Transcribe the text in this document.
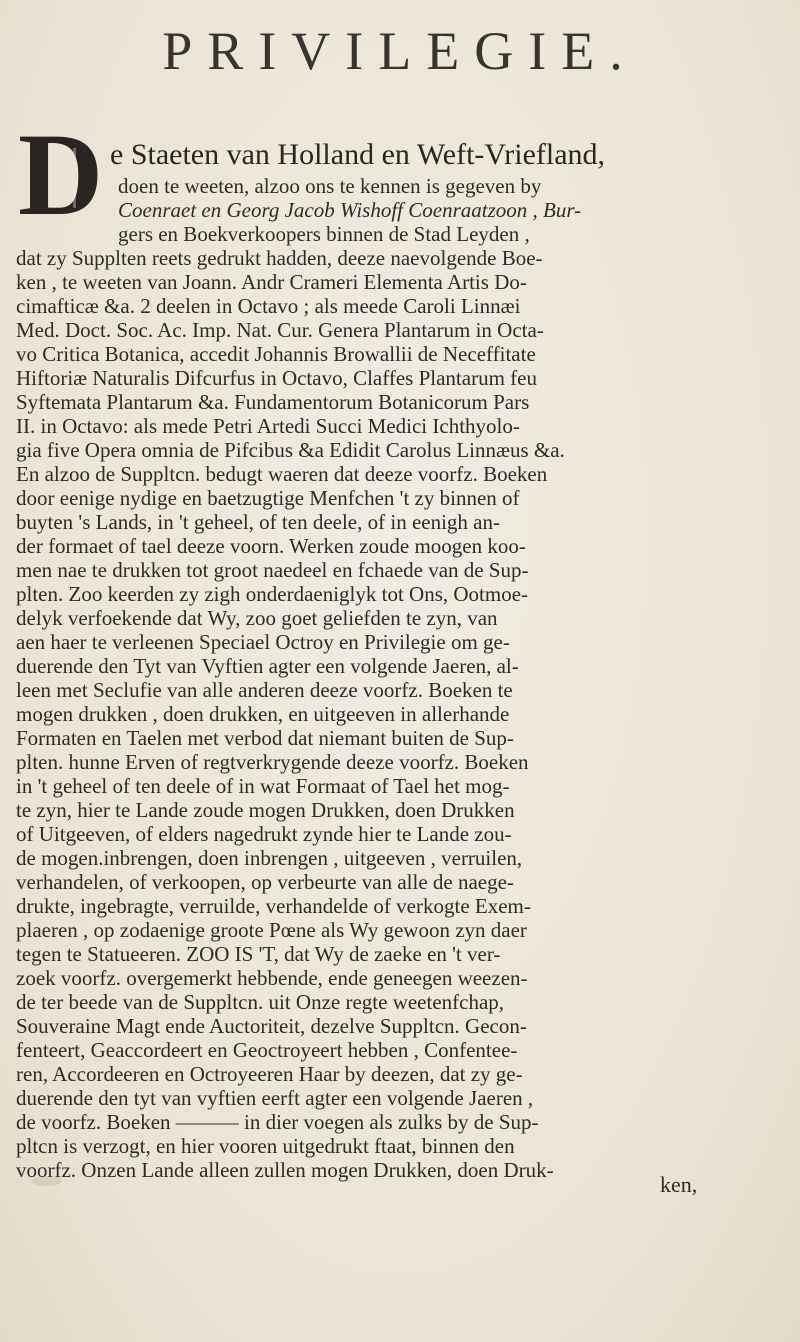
PRIVILEGIE.
D e Staeten van Holland en Weft-Vriefland,
doen te weeten, alzoo ons te kennen is gegeven by
Coenraet en Georg Jacob Wishoff Coenraatzoon , Bur-
gers en Boekverkoopers binnen de Stad Leyden ,
dat zy Supplten reets gedrukt hadden, deeze naevolgende Boe-
ken , te weeten van Joann. Andr Crameri Elementa Artis Do-
cimafticæ &a. 2 deelen in Octavo ; als meede Caroli Linnæi
Med. Doct. Soc. Ac. Imp. Nat. Cur. Genera Plantarum in Octa-
vo Critica Botanica, accedit Johannis Browallii de Neceffitate
Hiftoriæ Naturalis Difcurfus in Octavo, Claffes Plantarum feu
Syftemata Plantarum &a. Fundamentorum Botanicorum Pars
II. in Octavo: als mede Petri Artedi Succi Medici Ichthyolo-
gia five Opera omnia de Pifcibus &a Edidit Carolus Linnæus &a.
En alzoo de Suppltcn. bedugt waeren dat deeze voorfz. Boeken
door eenige nydige en baetzugtige Menfchen 't zy binnen of
buyten 's Lands, in 't geheel, of ten deele, of in eenigh an-
der formaet of tael deeze voorn. Werken zoude moogen koo-
men nae te drukken tot groot naedeel en fchaede van de Sup-
plten. Zoo keerden zy zigh onderdaeniglyk tot Ons, Ootmoe-
delyk verfoekende dat Wy, zoo goet geliefden te zyn, van
aen haer te verleenen Speciael Octroy en Privilegie om ge-
duerende den Tyt van Vyftien agter een volgende Jaeren, al-
leen met Seclufie van alle anderen deeze voorfz. Boeken te
mogen drukken , doen drukken, en uitgeeven in allerhande
Formaten en Taelen met verbod dat niemant buiten de Sup-
plten. hunne Erven of regtverkrygende deeze voorfz. Boeken
in 't geheel of ten deele of in wat Formaat of Tael het mog-
te zyn, hier te Lande zoude mogen Drukken, doen Drukken
of Uitgeeven, of elders nagedrukt zynde hier te Lande zou-
de mogen.inbrengen, doen inbrengen , uitgeeven , verruilen,
verhandelen, of verkoopen, op verbeurte van alle de naege-
drukte, ingebragte, verruilde, verhandelde of verkogte Exem-
plaeren , op zodaenige groote Pœne als Wy gewoon zyn daer
tegen te Statueeren. ZOO IS 'T, dat Wy de zaeke en 't ver-
zoek voorfz. overgemerkt hebbende, ende geneegen weezen-
de ter beede van de Suppltcn. uit Onze regte weetenfchap,
Souveraine Magt ende Auctoriteit, dezelve Suppltcn. Gecon-
fenteert, Geaccordeert en Geoctroyeert hebben , Confentee-
ren, Accordeeren en Octroyeeren Haar by deezen, dat zy ge-
duerende den tyt van vyftien eerft agter een volgende Jaeren ,
de voorfz. Boeken ——— in dier voegen als zulks by de Sup-
pltcn is verzogt, en hier vooren uitgedrukt ftaat, binnen den
voorfz. Onzen Lande alleen zullen mogen Drukken, doen Druk-
ken,
